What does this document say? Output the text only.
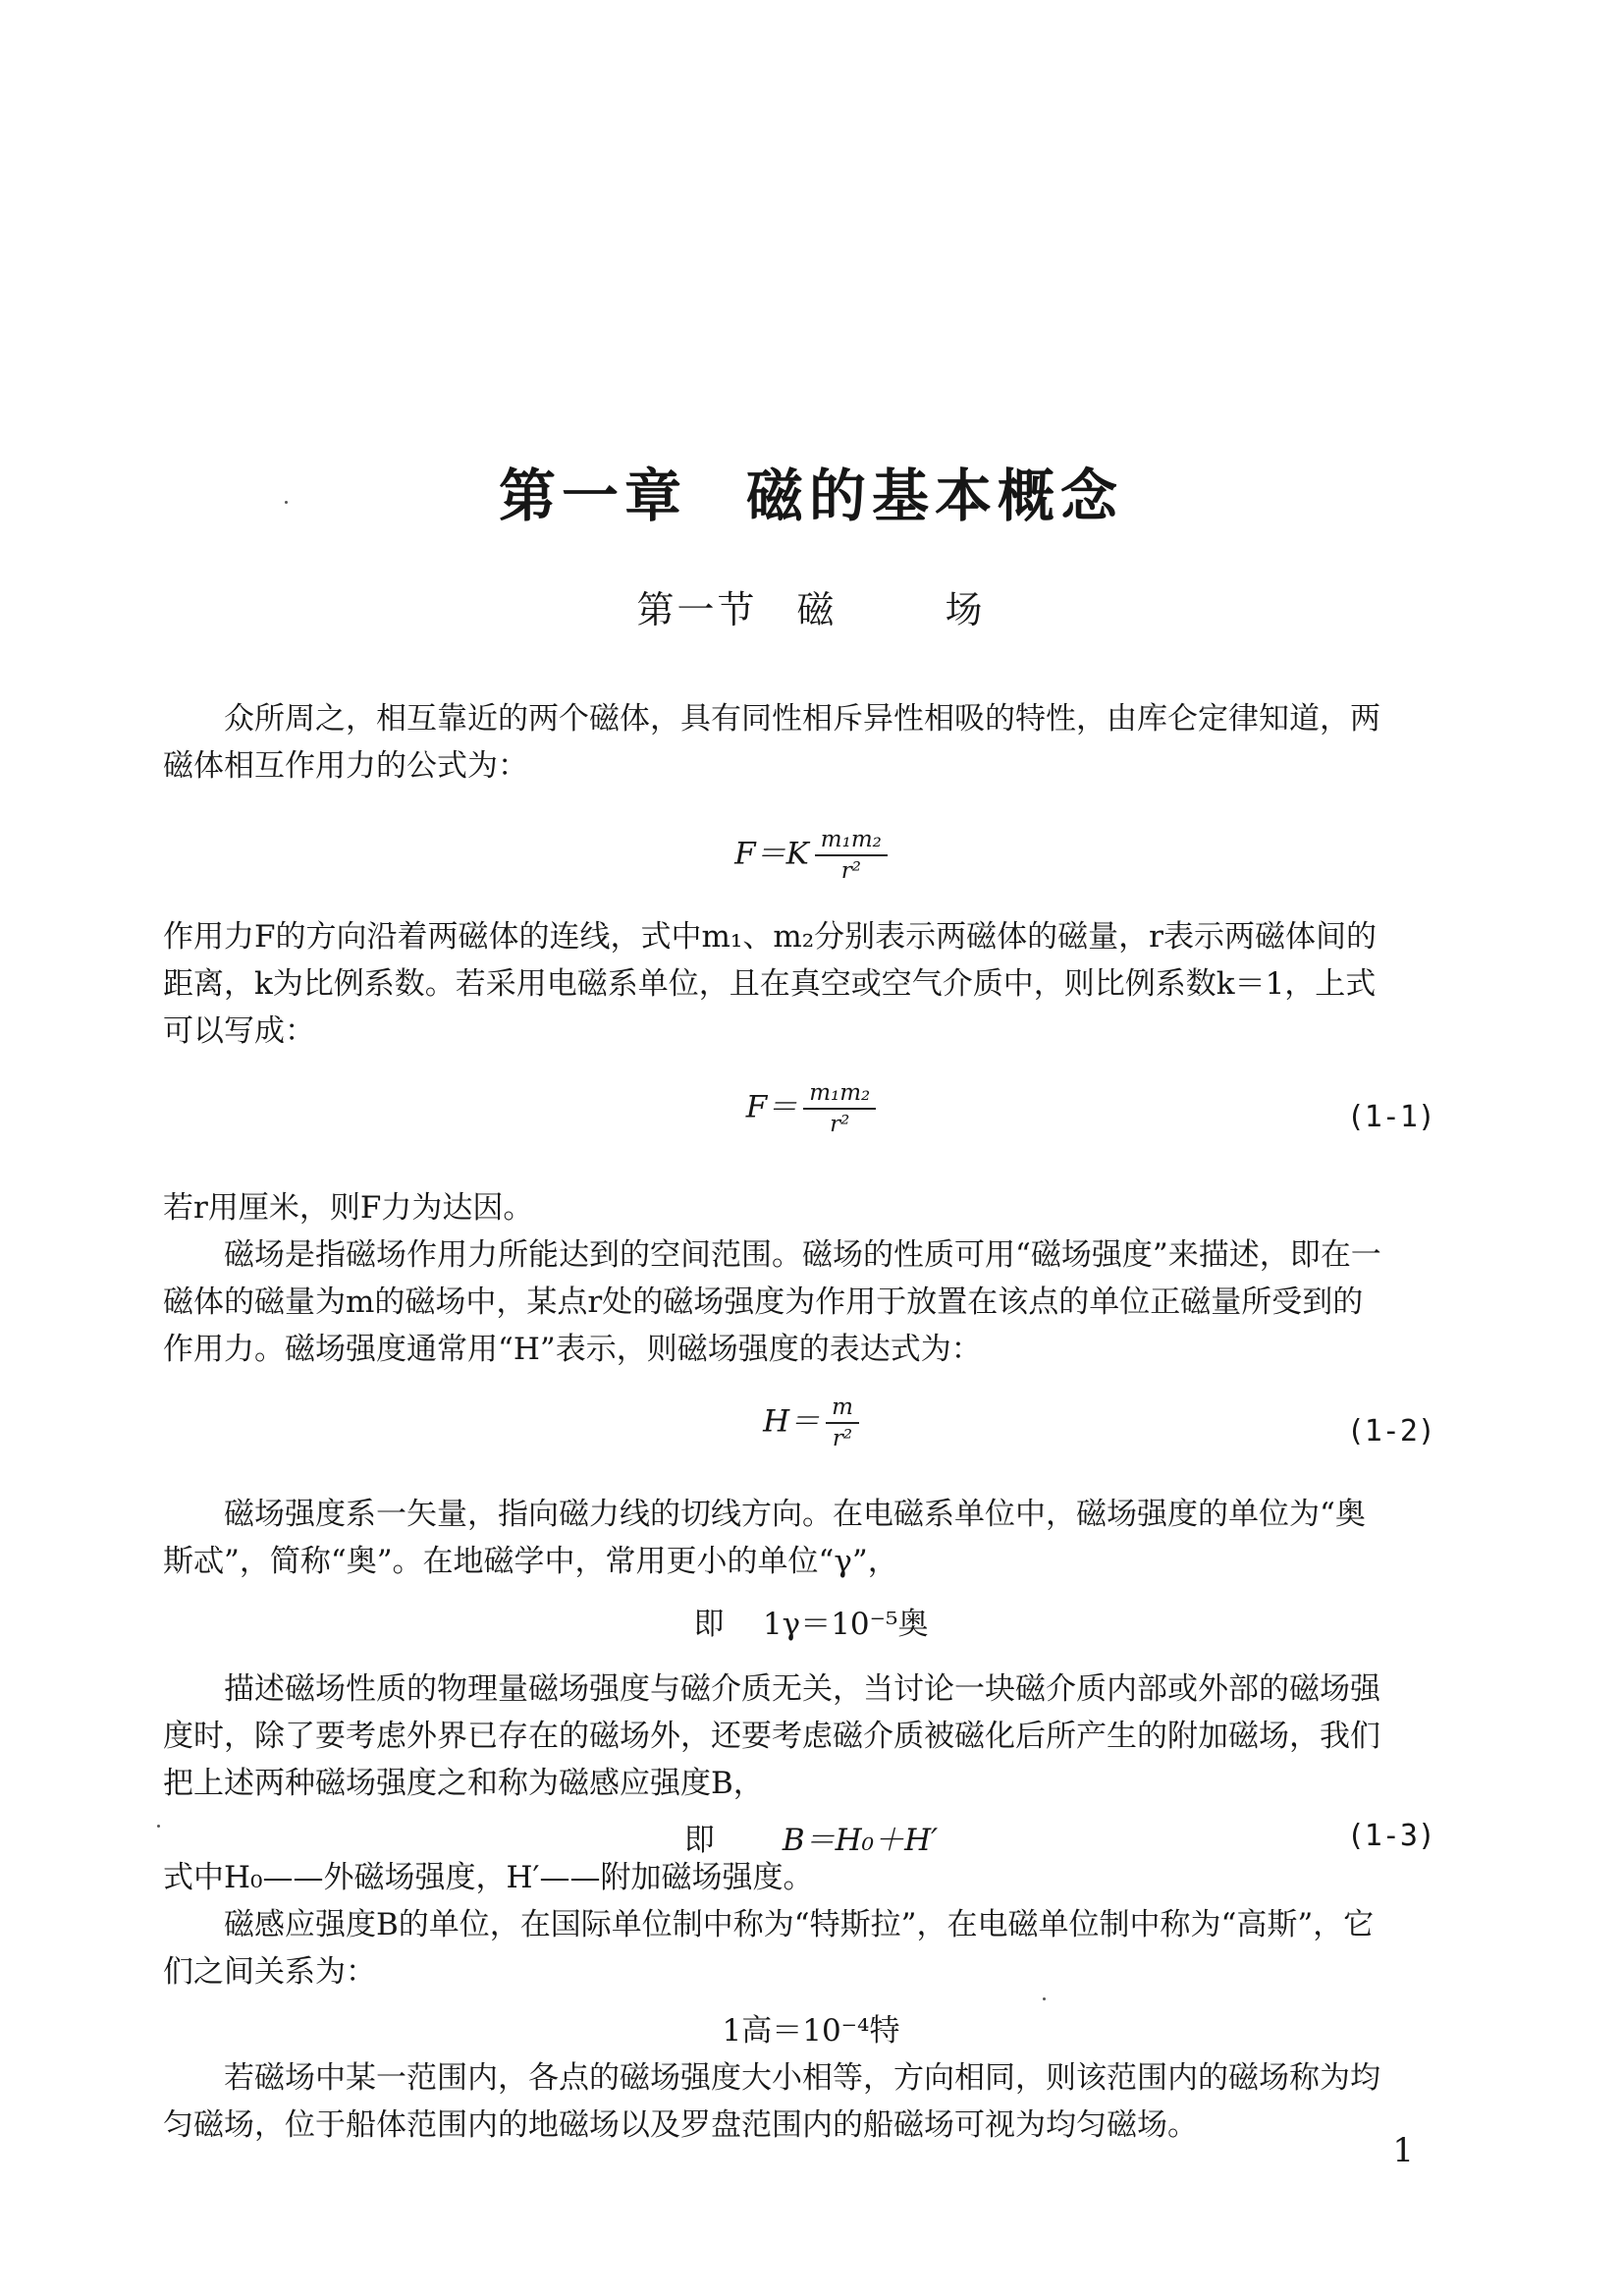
第一章 磁的基本概念
第一节 磁	场
众所周之，相互靠近的两个磁体，具有同性相斥异性相吸的特性，由库仑定律知道，两
磁体相互作用力的公式为：
$F=K \frac{\text{m₁m₂}}{\text{r²}}$
作用力F的方向沿着两磁体的连线，式中m₁、m₂分别表示两磁体的磁量，r表示两磁体间的
距离，k为比例系数。若采用电磁系单位，且在真空或空气介质中，则比例系数k＝1，上式
可以写成：
$F= \frac{\text{m₁m₂}}{\text{r²}}$	(1-1)
若r用厘米，则F力为达因。
磁场是指磁场作用力所能达到的空间范围。磁场的性质可用“磁场强度”来描述，即在一
磁体的磁量为m的磁场中，某点r处的磁场强度为作用于放置在该点的单位正磁量所受到的
作用力。磁场强度通常用“H”表示，则磁场强度的表达式为：
$H= \frac{m}{\text{r²}}$	(1-2)
磁场强度系一矢量，指向磁力线的切线方向。在电磁系单位中，磁场强度的单位为“奥
斯忒”，简称“奥”。在地磁学中，常用更小的单位“γ”，
即 1γ＝10⁻⁵奥
描述磁场性质的物理量磁场强度与磁介质无关，当讨论一块磁介质内部或外部的磁场强
度时，除了要考虑外界已存在的磁场外，还要考虑磁介质被磁化后所产生的附加磁场，我们
把上述两种磁场强度之和称为磁感应强度B，
即 B＝H₀＋H′	(1-3)
式中H₀——外磁场强度，H′——附加磁场强度。
磁感应强度B的单位，在国际单位制中称为“特斯拉”，在电磁单位制中称为“高斯”，它
们之间关系为：
1高＝10⁻⁴特
若磁场中某一范围内，各点的磁场强度大小相等，方向相同，则该范围内的磁场称为均
匀磁场，位于船体范围内的地磁场以及罗盘范围内的船磁场可视为均匀磁场。
1
